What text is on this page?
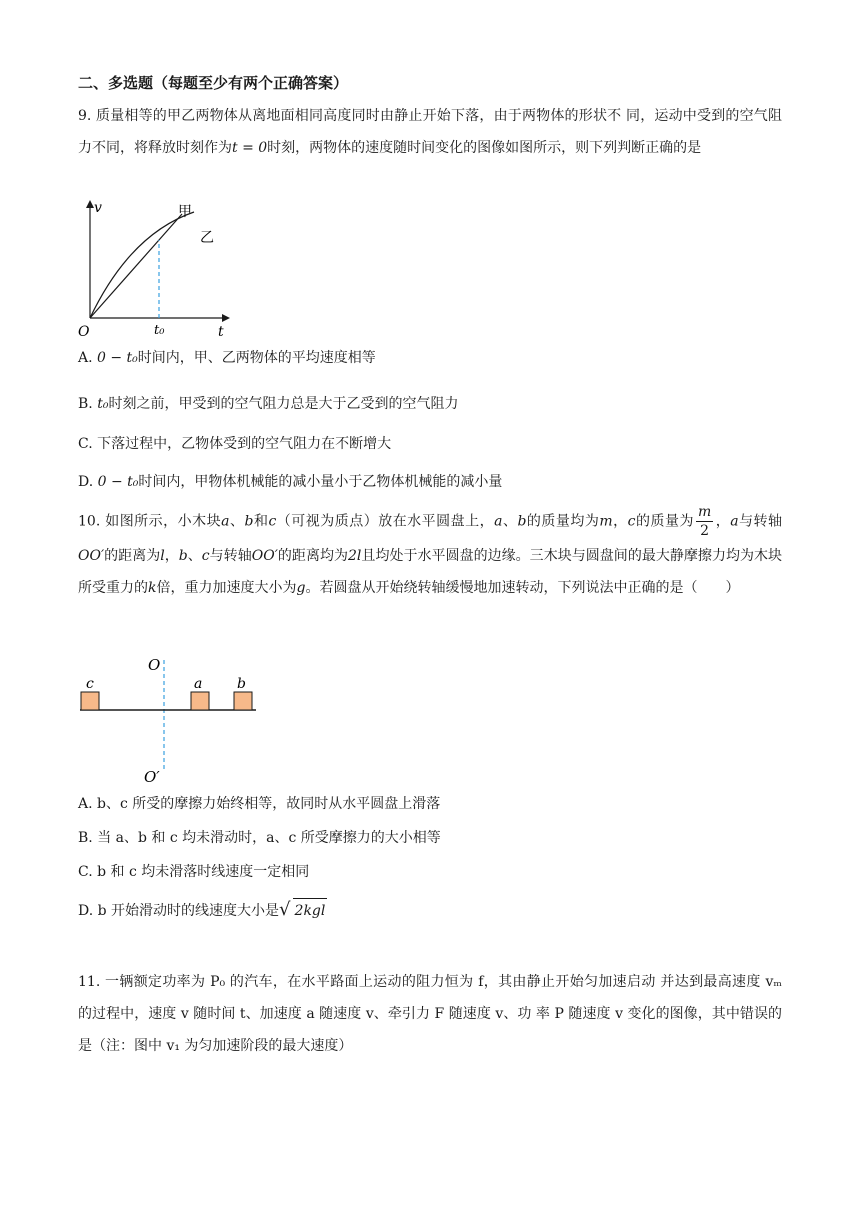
二、多选题（每题至少有两个正确答案）
9. 质量相等的甲乙两物体从离地面相同高度同时由静止开始下落，由于两物体的形状不 同，运动中受到的空气阻力不同，将释放时刻作为t = 0时刻，两物体的速度随时间变化的图像如图所示，则下列判断正确的是
v
t
O	t₀
甲
乙
A. 0 − t₀时间内，甲、乙两物体的平均速度相等
B. t₀时刻之前，甲受到的空气阻力总是大于乙受到的空气阻力
C. 下落过程中，乙物体受到的空气阻力在不断增大
D. 0 − t₀时间内，甲物体机械能的减小量小于乙物体机械能的减小量
10. 如图所示，小木块a、b和c（可视为质点）放在水平圆盘上，a、b的质量均为m，c的质量为 $\frac{m}{2}$ ，a与转轴OO′的距离为l，b、c与转轴OO′的距离均为2l且均处于水平圆盘的边缘。三木块与圆盘间的最大静摩擦力均为木块所受重力的k倍，重力加速度大小为g。若圆盘从开始绕转轴缓慢地加速转动，下列说法中正确的是（　　）
c	a b
O
O′
A. b、c 所受的摩擦力始终相等，故同时从水平圆盘上滑落
B. 当 a、b 和 c 均未滑动时，a、c 所受摩擦力的大小相等
C. b 和 c 均未滑落时线速度一定相同
D. b 开始滑动时的线速度大小是√ 2kgl
11. 一辆额定功率为 P₀ 的汽车，在水平路面上运动的阻力恒为 f，其由静止开始匀加速启动 并达到最高速度 vₘ 的过程中，速度 v 随时间 t、加速度 a 随速度 v、牵引力 F 随速度 v、功 率 P 随速度 v 变化的图像，其中错误的是（注：图中 v₁ 为匀加速阶段的最大速度）
